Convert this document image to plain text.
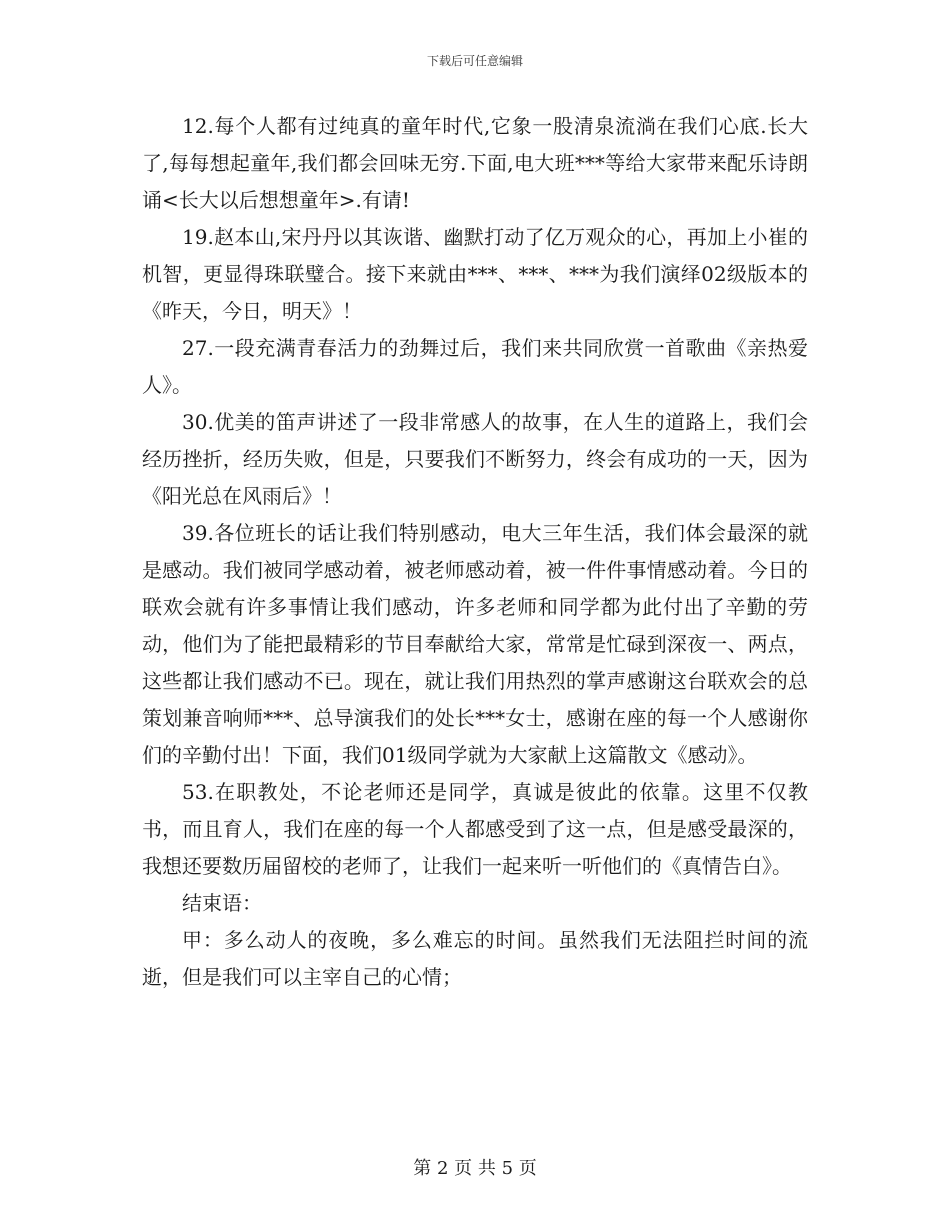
下载后可任意编辑

12.每个人都有过纯真的童年时代,它象一股清泉流淌在我们心底.长大了,每每想起童年,我们都会回味无穷.下面,电大班***等给大家带来配乐诗朗诵<长大以后想想童年>.有请!

19.赵本山,宋丹丹以其诙谐、幽默打动了亿万观众的心，再加上小崔的机智，更显得珠联璧合。接下来就由***、***、***为我们演绎02级版本的《昨天，今日，明天》！

27.一段充满青春活力的劲舞过后，我们来共同欣赏一首歌曲《亲热爱人》。

30.优美的笛声讲述了一段非常感人的故事，在人生的道路上，我们会经历挫折，经历失败，但是，只要我们不断努力，终会有成功的一天，因为《阳光总在风雨后》！

39.各位班长的话让我们特别感动，电大三年生活，我们体会最深的就是感动。我们被同学感动着，被老师感动着，被一件件事情感动着。今日的联欢会就有许多事情让我们感动，许多老师和同学都为此付出了辛勤的劳动，他们为了能把最精彩的节目奉献给大家，常常是忙碌到深夜一、两点，这些都让我们感动不已。现在，就让我们用热烈的掌声感谢这台联欢会的总策划兼音响师***、总导演我们的处长***女士，感谢在座的每一个人感谢你们的辛勤付出！下面，我们01级同学就为大家献上这篇散文《感动》。

53.在职教处，不论老师还是同学，真诚是彼此的依靠。这里不仅教书，而且育人，我们在座的每一个人都感受到了这一点，但是感受最深的，我想还要数历届留校的老师了，让我们一起来听一听他们的《真情告白》。

结束语：

甲：多么动人的夜晚，多么难忘的时间。虽然我们无法阻拦时间的流逝，但是我们可以主宰自己的心情；

第 2 页 共 5 页
